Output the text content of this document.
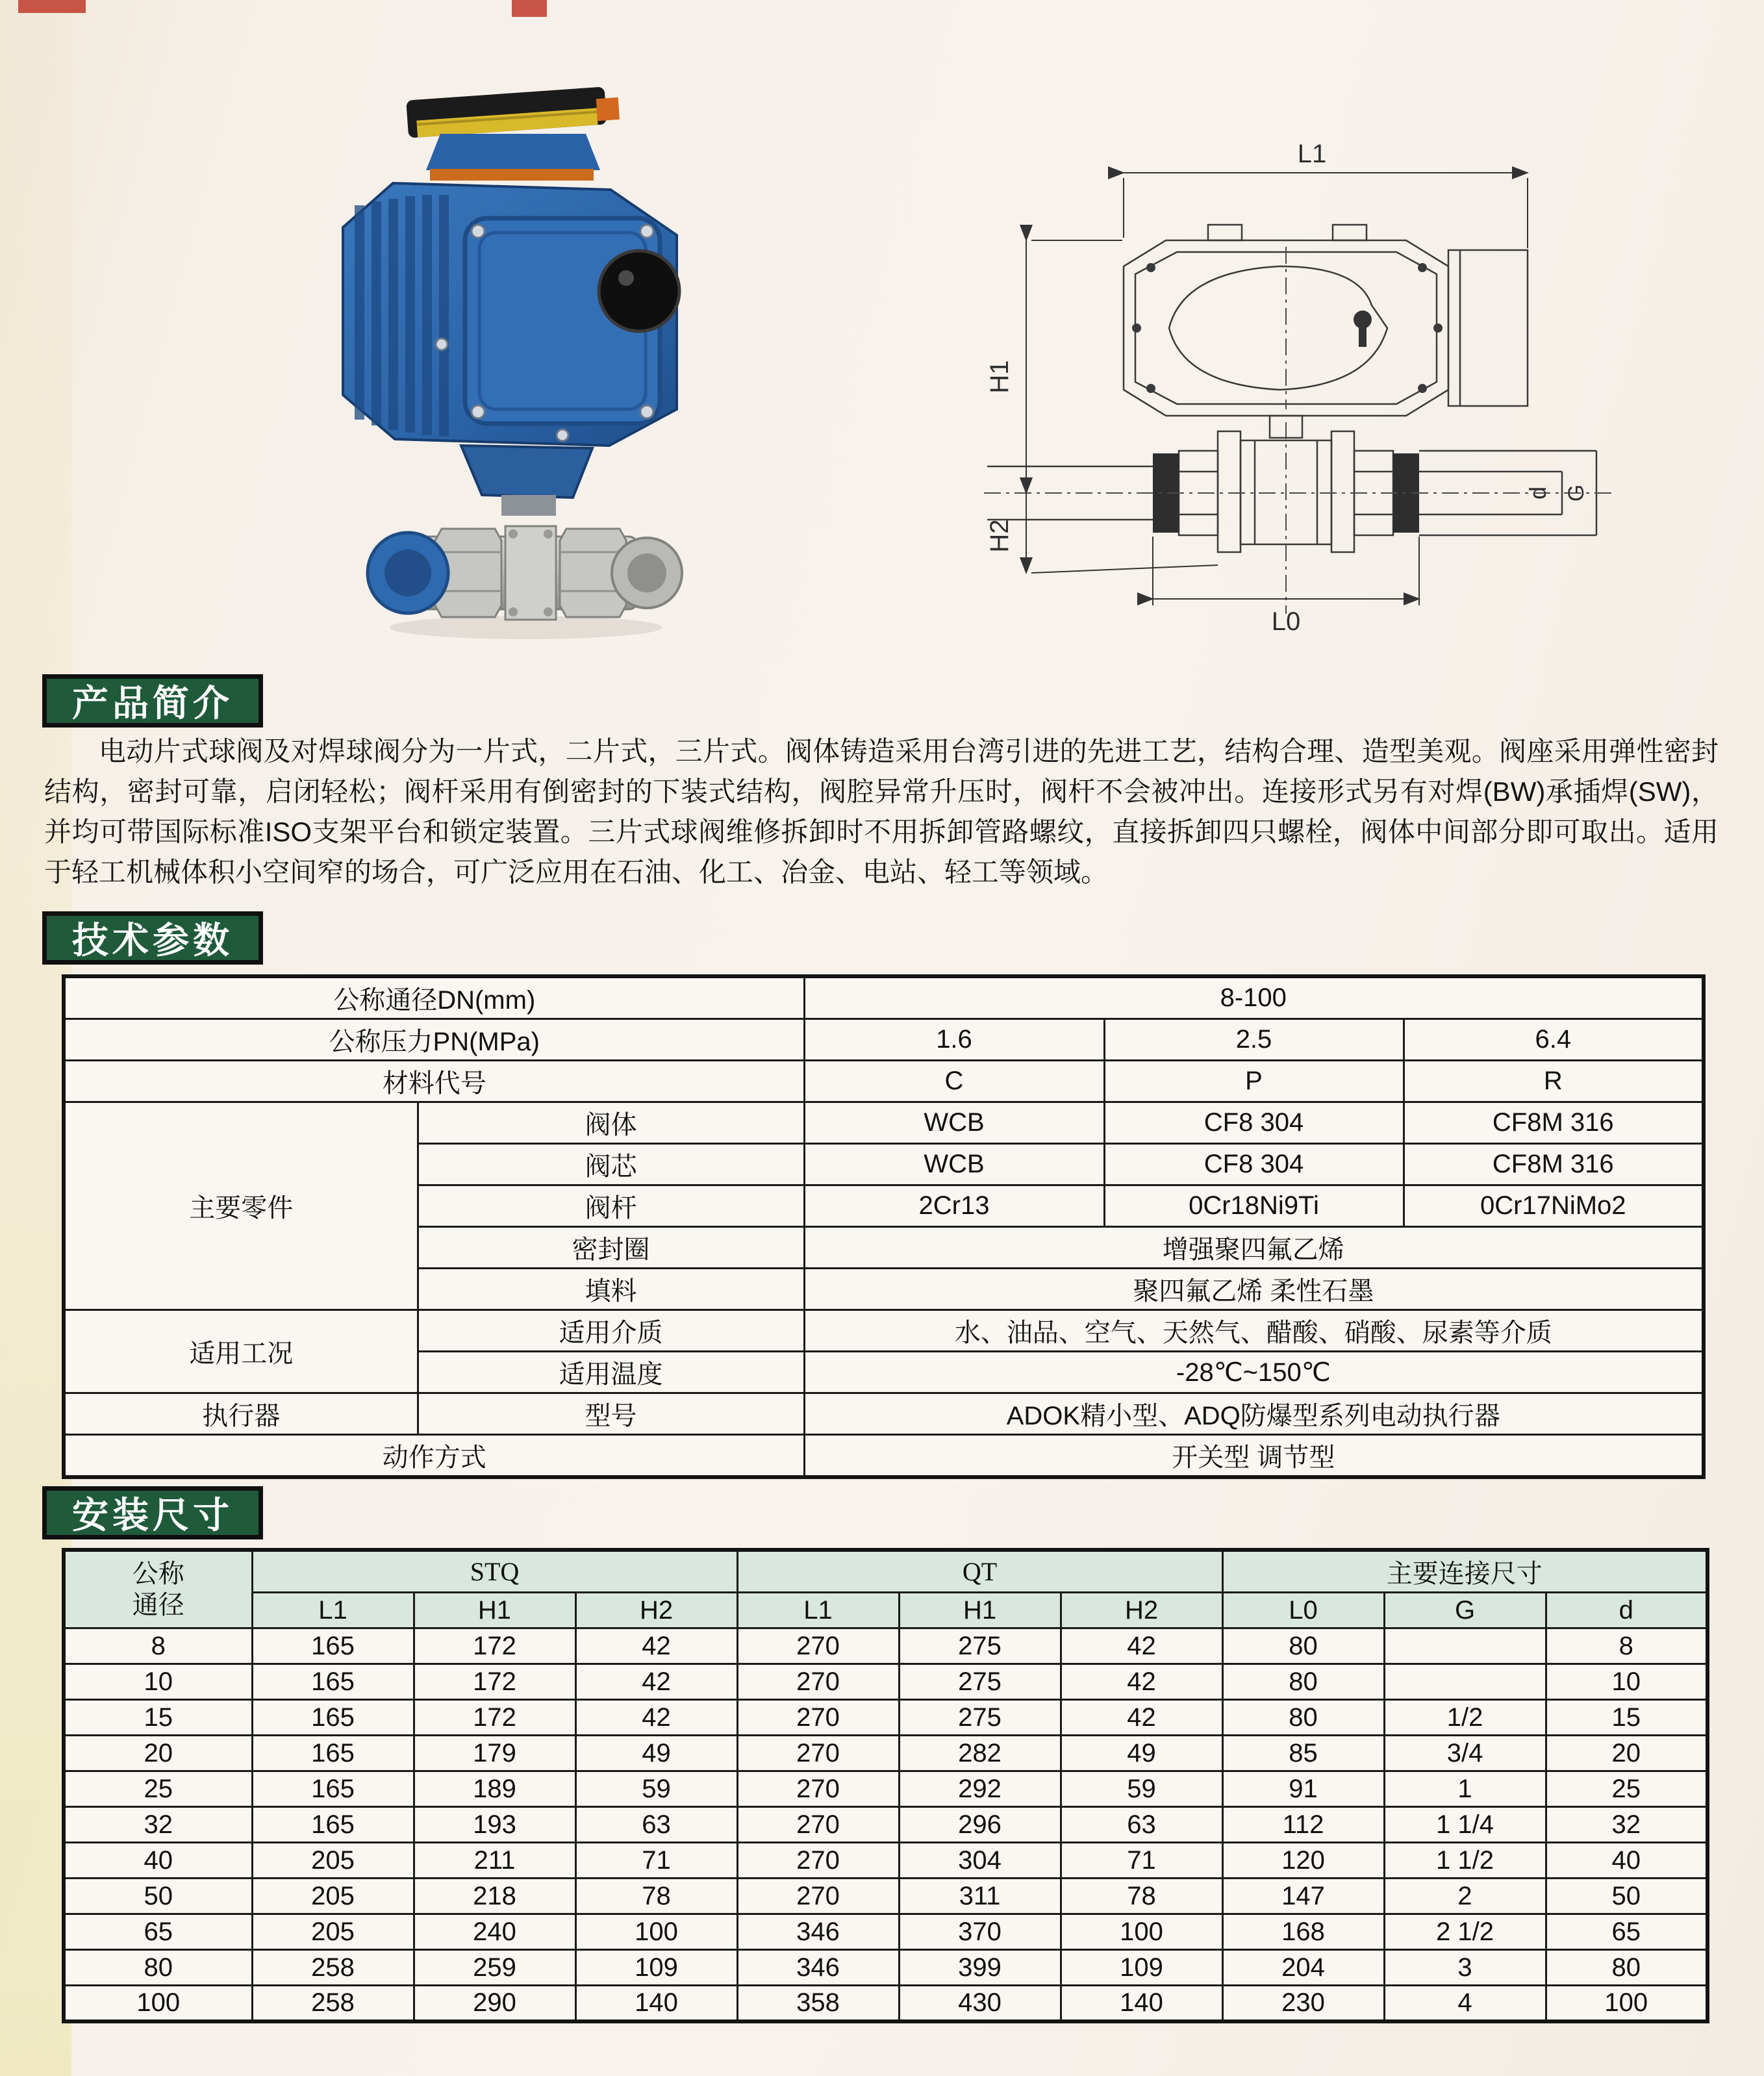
L1
H1
H2
L0
d G
产品简介

电动片式球阀及对焊球阀分为一片式，二片式，三片式。阀体铸造采用台湾引进的先进工艺，结构合理、造型美观。阀座采用弹性密封结构，密封可靠，启闭轻松；阀杆采用有倒密封的下装式结构，阀腔异常升压时，阀杆不会被冲出。连接形式另有对焊(BW)承插焊(SW)，并均可带国际标准ISO支架平台和锁定装置。三片式球阀维修拆卸时不用拆卸管路螺纹，直接拆卸四只螺栓，阀体中间部分即可取出。适用于轻工机械体积小空间窄的场合，可广泛应用在石油、化工、冶金、电站、轻工等领域。

技术参数
公称通径DN(mm)		8-100		
公称压力PN(MPa)		1.6	2.5	6.4
材料代号		C	P	R
主要零件	阀体	WCB	CF8 304	CF8M 316
	阀芯	WCB	CF8 304	CF8M 316
	阀杆	2Cr13	0Cr18Ni9Ti	0Cr17NiMo2
	密封圈	增强聚四氟乙烯		
	填料	聚四氟乙烯 柔性石墨		
适用工况	适用介质	水、油品、空气、天然气、醋酸、硝酸、尿素等介质		
	适用温度	-28℃~150℃		
执行器	型号	ADOK精小型、ADQ防爆型系列电动执行器		
动作方式		开关型 调节型		
安装尺寸
公称
通径	STQ			QT			主要连接尺寸		
	L1	H1	H2	L1	H1	H2	L0	G	d
8	165	172	42	270	275	42	80		8
10	165	172	42	270	275	42	80		10
15	165	172	42	270	275	42	80	1/2	15
20	165	179	49	270	282	49	85	3/4	20
25	165	189	59	270	292	59	91	1	25
32	165	193	63	270	296	63	112	1 1/4	32
40	205	211	71	270	304	71	120	1 1/2	40
50	205	218	78	270	311	78	147	2	50
65	205	240	100	346	370	100	168	2 1/2	65
80	258	259	109	346	399	109	204	3	80
100	258	290	140	358	430	140	230	4	100
